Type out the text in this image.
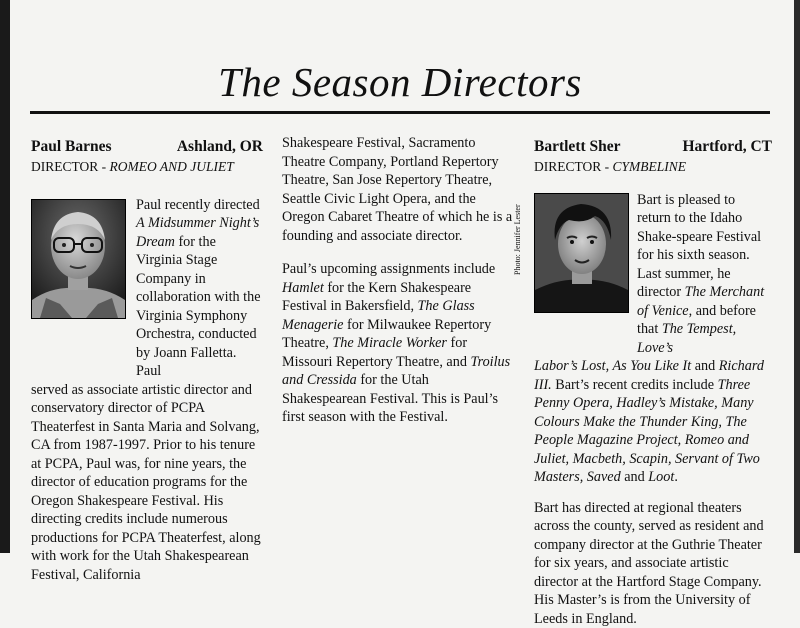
The Season Directors
Paul Barnes	Ashland, OR
DIRECTOR - ROMEO AND JULIET
Paul recently directed A Midsummer Night’s Dream for the Virginia Stage Company in collaboration with the Virginia Symphony Orchestra, conducted by Joann Falletta. Paul

served as associate artistic director and conservatory director of PCPA Theaterfest in Santa Maria and Solvang, CA from 1987-1997. Prior to his tenure at PCPA, Paul was, for nine years, the director of education programs for the Oregon Shakespeare Festival. His directing credits include numerous productions for PCPA Theaterfest, along with work for the Utah Shakespearean Festival, California

Shakespeare Festival, Sacramento Theatre Company, Portland Repertory Theatre, San Jose Repertory Theatre, Seattle Civic Light Opera, and the Oregon Cabaret Theatre of which he is a founding and associate director.

Paul’s upcoming assignments include Hamlet for the Kern Shakespeare Festival in Bakersfield, The Glass Menagerie for Milwaukee Repertory Theatre, The Miracle Worker for Missouri Repertory Theatre, and Troilus and Cressida for the Utah Shakespearean Festival. This is Paul’s first season with the Festival.

Photo: Jennifer Lester
Bartlett Sher	Hartford, CT
DIRECTOR - CYMBELINE
Bart is pleased to return to the Idaho Shake-speare Festival for his sixth season. Last summer, he director The Merchant of Venice, and before that The Tempest, Love’s

Labor’s Lost, As You Like It and Richard III. Bart’s recent credits include Three Penny Opera, Hadley’s Mistake, Many Colours Make the Thunder King, The People Magazine Project, Romeo and Juliet, Macbeth, Scapin, Servant of Two Masters, Saved and Loot.

Bart has directed at regional theaters across the county, served as resident and company director at the Guthrie Theater for six years, and associate artistic director at the Hartford Stage Company. His Master’s is from the University of Leeds in England.
